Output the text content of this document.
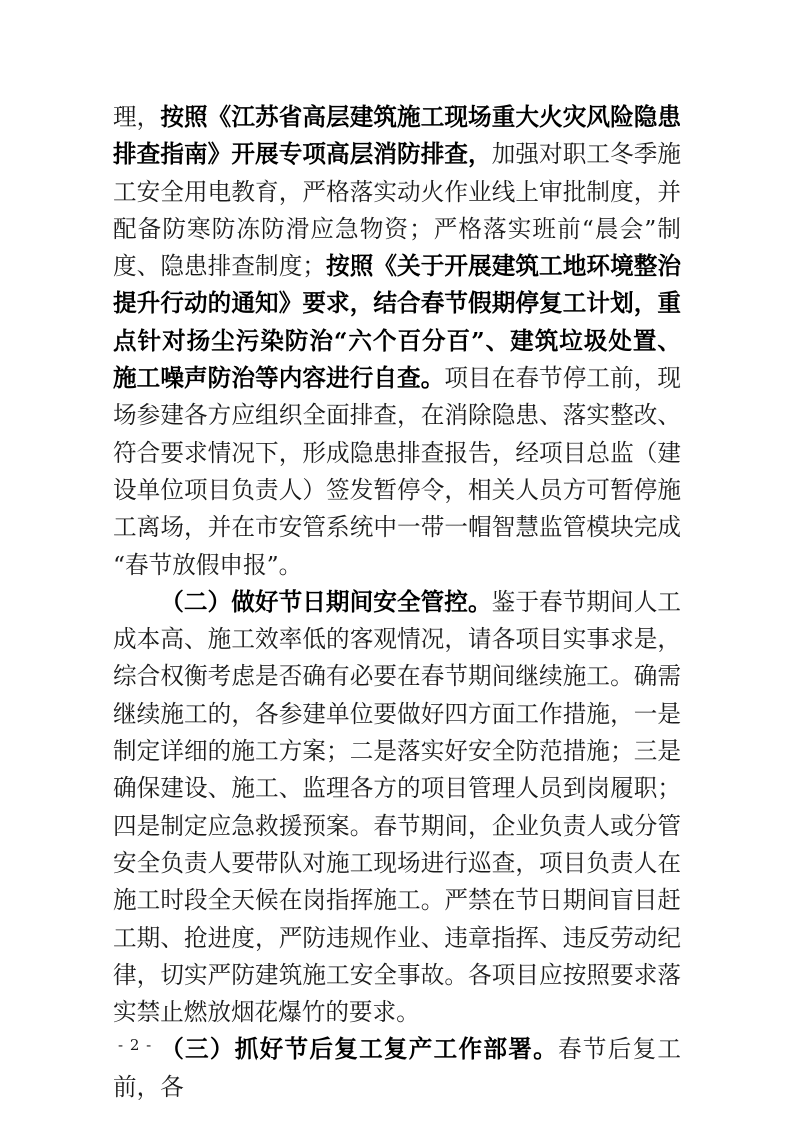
理，按照《江苏省高层建筑施工现场重大火灾风险隐患排查指南》开展专项高层消防排查，加强对职工冬季施工安全用电教育，严格落实动火作业线上审批制度，并配备防寒防冻防滑应急物资；严格落实班前“晨会”制度、隐患排查制度；按照《关于开展建筑工地环境整治提升行动的通知》要求，结合春节假期停复工计划，重点针对扬尘污染防治“六个百分百”、建筑垃圾处置、施工噪声防治等内容进行自查。项目在春节停工前，现场参建各方应组织全面排查，在消除隐患、落实整改、符合要求情况下，形成隐患排查报告，经项目总监（建设单位项目负责人）签发暂停令，相关人员方可暂停施工离场，并在市安管系统中一带一帽智慧监管模块完成“春节放假申报”。

（二）做好节日期间安全管控。鉴于春节期间人工成本高、施工效率低的客观情况，请各项目实事求是，综合权衡考虑是否确有必要在春节期间继续施工。确需继续施工的，各参建单位要做好四方面工作措施，一是制定详细的施工方案；二是落实好安全防范措施；三是确保建设、施工、监理各方的项目管理人员到岗履职；四是制定应急救援预案。春节期间，企业负责人或分管安全负责人要带队对施工现场进行巡查，项目负责人在施工时段全天候在岗指挥施工。严禁在节日期间盲目赶工期、抢进度，严防违规作业、违章指挥、违反劳动纪律，切实严防建筑施工安全事故。各项目应按照要求落实禁止燃放烟花爆竹的要求。

（三）抓好节后复工复产工作部署。春节后复工前，各

- 2 -
